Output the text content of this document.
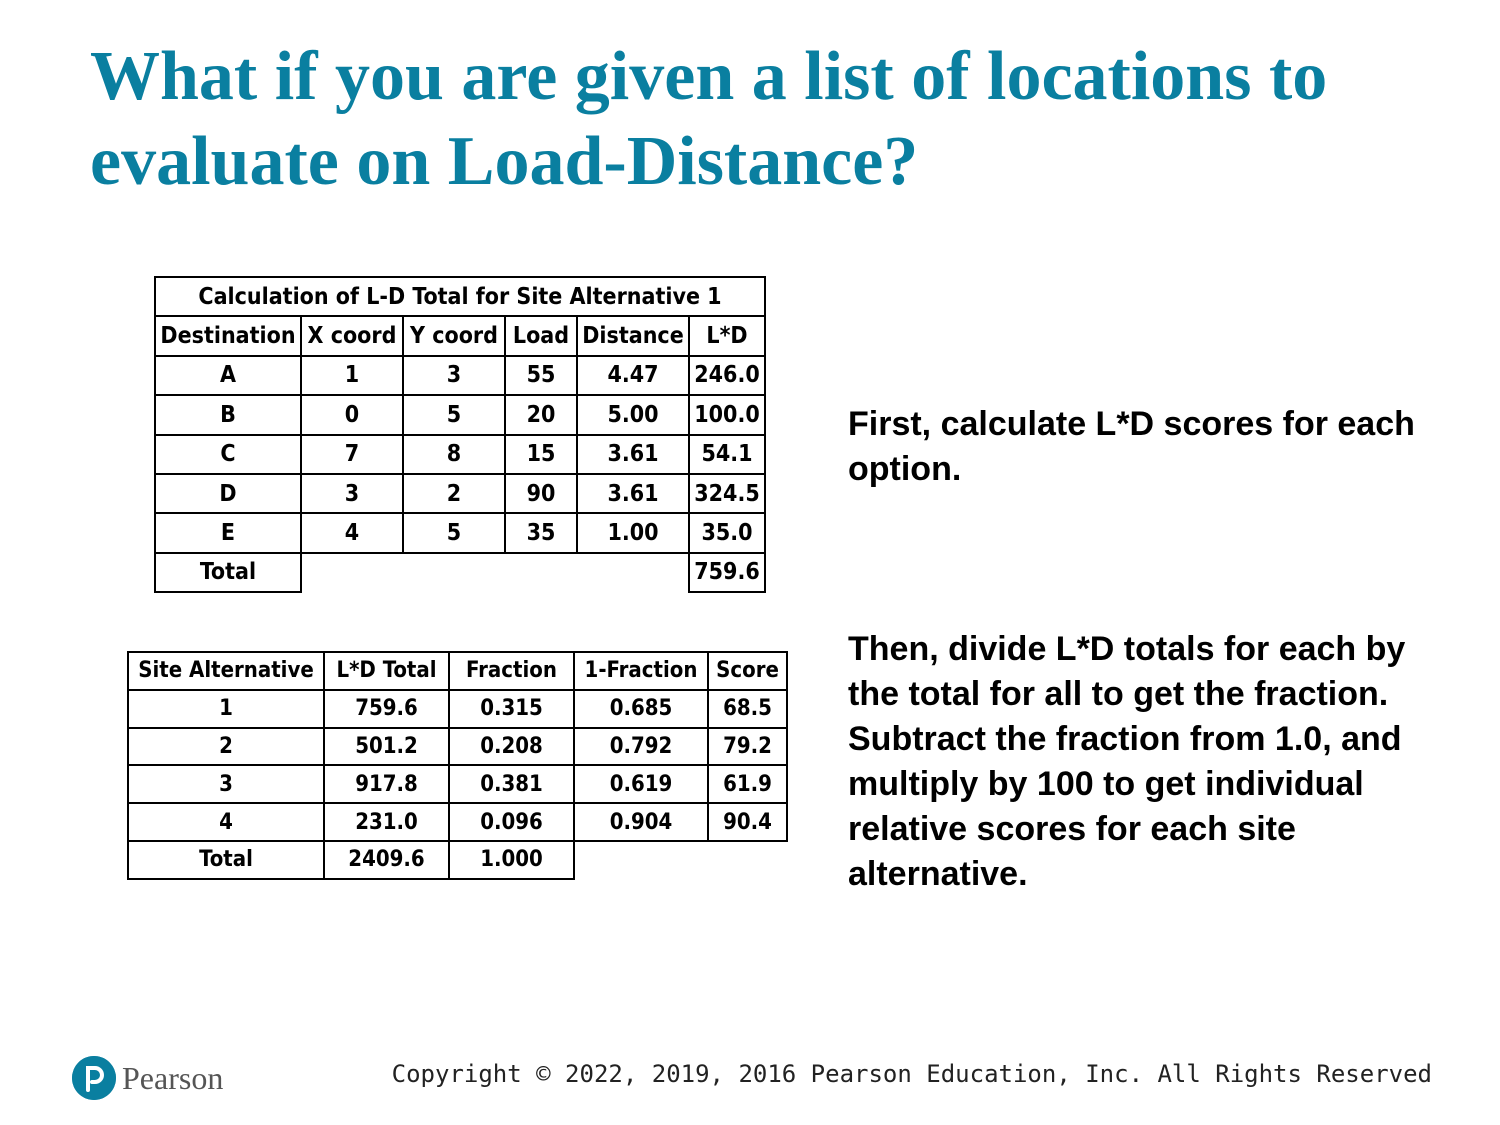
What if you are given a list of locations to evaluate on Load-Distance?
Calculation of L-D Total for Site Alternative 1					
Destination	X coord	Y coord	Load	Distance	L*D
A	1	3	55	4.47	246.0
B	0	5	20	5.00	100.0
C	7	8	15	3.61	54.1
D	3	2	90	3.61	324.5
E	4	5	35	1.00	35.0
Total					759.6

First, calculate L*D scores for each option.

Site Alternative	L*D Total	Fraction	1-Fraction	Score
1	759.6	0.315	0.685	68.5
2	501.2	0.208	0.792	79.2
3	917.8	0.381	0.619	61.9
4	231.0	0.096	0.904	90.4
Total	2409.6	1.000		

Then, divide L*D totals for each by the total for all to get the fraction. Subtract the fraction from 1.0, and multiply by 100 to get individual relative scores for each site alternative.

Pearson	Copyright © 2022, 2019, 2016 Pearson Education, Inc. All Rights Reserved
